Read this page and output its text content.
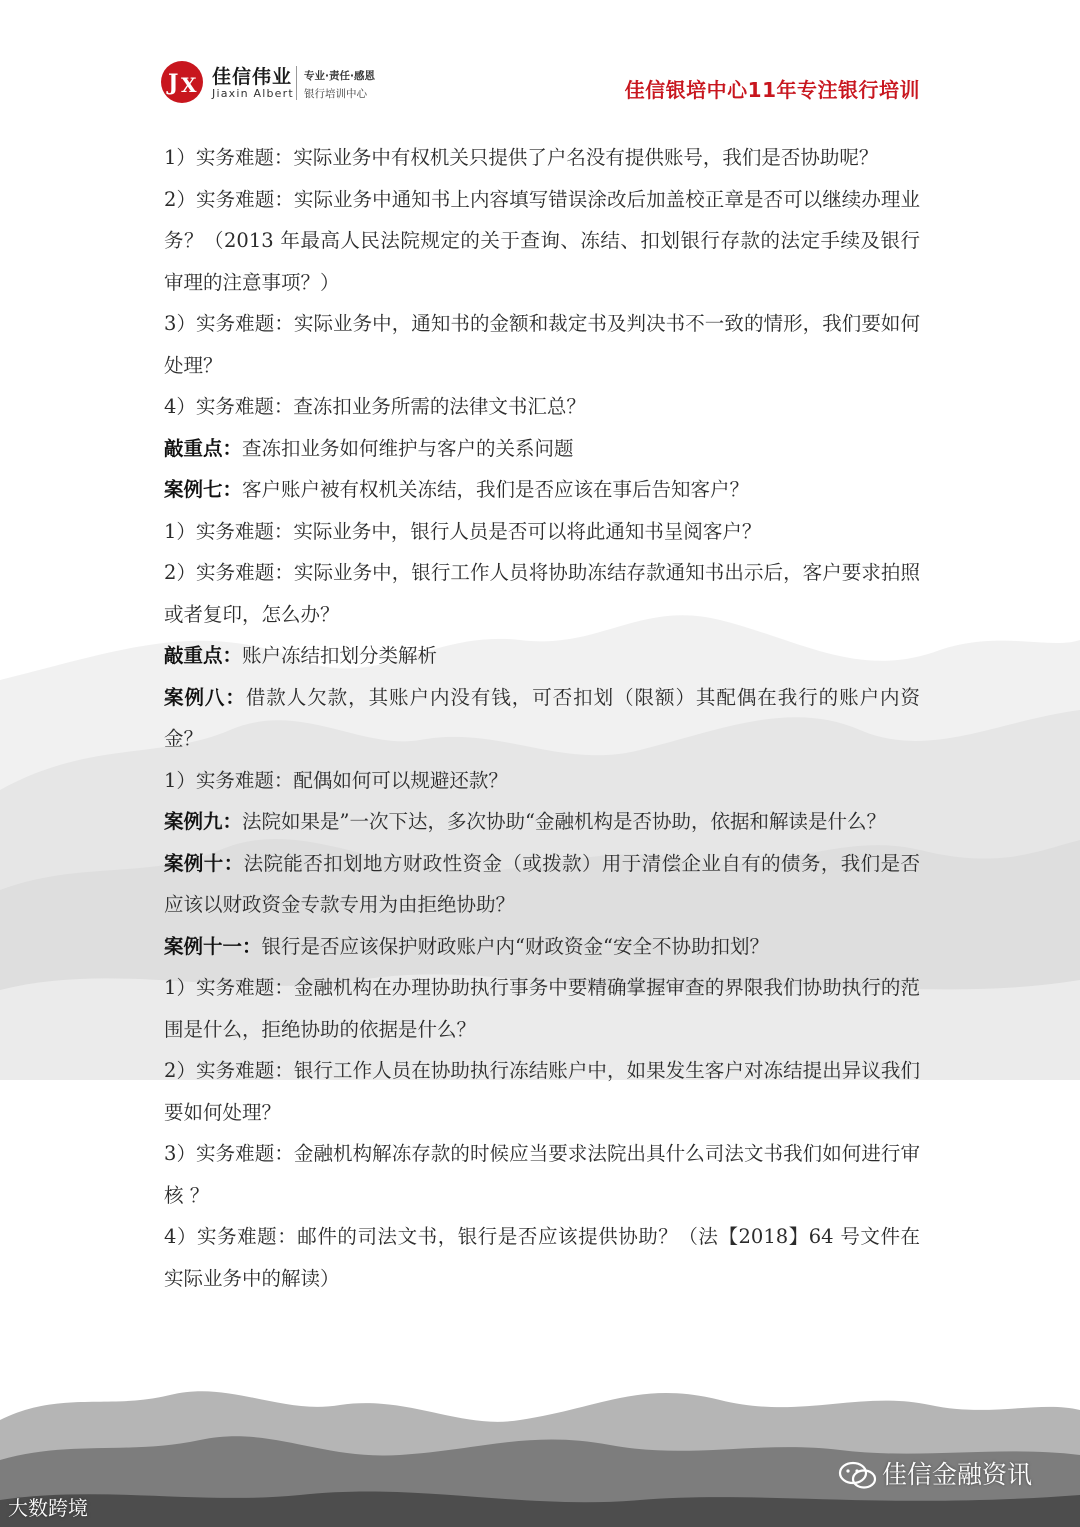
J X 佳信伟业
Jiaxin Albert
专业·责任·感恩
银行培训中心	佳信银培中心11年专注银行培训

1）实务难题：实际业务中有权机关只提供了户名没有提供账号，我们是否协助呢？

2）实务难题：实际业务中通知书上内容填写错误涂改后加盖校正章是否可以继续办理业务？（2013 年最高人民法院规定的关于查询、冻结、扣划银行存款的法定手续及银行审理的注意事项？）

3）实务难题：实际业务中，通知书的金额和裁定书及判决书不一致的情形，我们要如何处理？

4）实务难题：查冻扣业务所需的法律文书汇总？

敲重点：查冻扣业务如何维护与客户的关系问题

案例七：客户账户被有权机关冻结，我们是否应该在事后告知客户？

1）实务难题：实际业务中，银行人员是否可以将此通知书呈阅客户？

2）实务难题：实际业务中，银行工作人员将协助冻结存款通知书出示后，客户要求拍照或者复印，怎么办？

敲重点：账户冻结扣划分类解析

案例八：借款人欠款，其账户内没有钱，可否扣划（限额）其配偶在我行的账户内资金？

1）实务难题：配偶如何可以规避还款？

案例九：法院如果是”一次下达，多次协助“金融机构是否协助，依据和解读是什么？

案例十：法院能否扣划地方财政性资金（或拨款）用于清偿企业自有的债务，我们是否应该以财政资金专款专用为由拒绝协助？

案例十一：银行是否应该保护财政账户内“财政资金“安全不协助扣划？

1）实务难题：金融机构在办理协助执行事务中要精确掌握审查的界限我们协助执行的范围是什么，拒绝协助的依据是什么？

2）实务难题：银行工作人员在协助执行冻结账户中，如果发生客户对冻结提出异议我们要如何处理？

3）实务难题：金融机构解冻存款的时候应当要求法院出具什么司法文书我们如何进行审核 ？

4）实务难题：邮件的司法文书，银行是否应该提供协助？（法【2018】64 号文件在实际业务中的解读）

佳信金融资讯
大数跨境
